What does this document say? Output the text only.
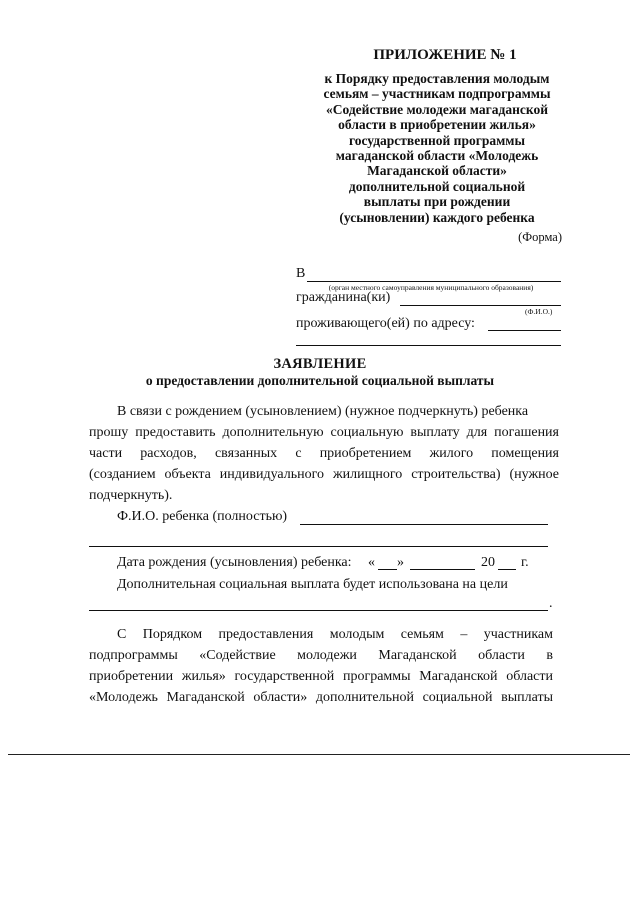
ПРИЛОЖЕНИЕ № 1
к Порядку предоставления молодым
семьям – участникам подпрограммы
«Содействие молодежи магаданской
области в приобретении жилья»
государственной программы
магаданской области «Молодежь
Магаданской области»
дополнительной социальной
выплаты при рождении
(усыновлении) каждого ребенка
(Форма)
В
(орган местного самоуправления муниципального образования)
гражданина(ки)
(Ф.И.О.)
проживающего(ей) по адресу:
ЗАЯВЛЕНИЕ
о предоставлении дополнительной социальной выплаты
В связи с рождением (усыновлением) (нужное подчеркнуть) ребенка
прошу предоставить дополнительную социальную выплату для погашения
части расходов, связанных с приобретением жилого помещения
(созданием объекта индивидуального жилищного строительства) (нужное
подчеркнуть).
Ф.И.О. ребенка (полностью)
Дата рождения (усыновления) ребенка: « »	20 г.
Дополнительная социальная выплата будет использована на цели
.
С Порядком предоставления молодым семьям – участникам
подпрограммы «Содействие молодежи Магаданской области в
приобретении жилья» государственной программы Магаданской области
«Молодежь Магаданской области» дополнительной социальной выплаты
